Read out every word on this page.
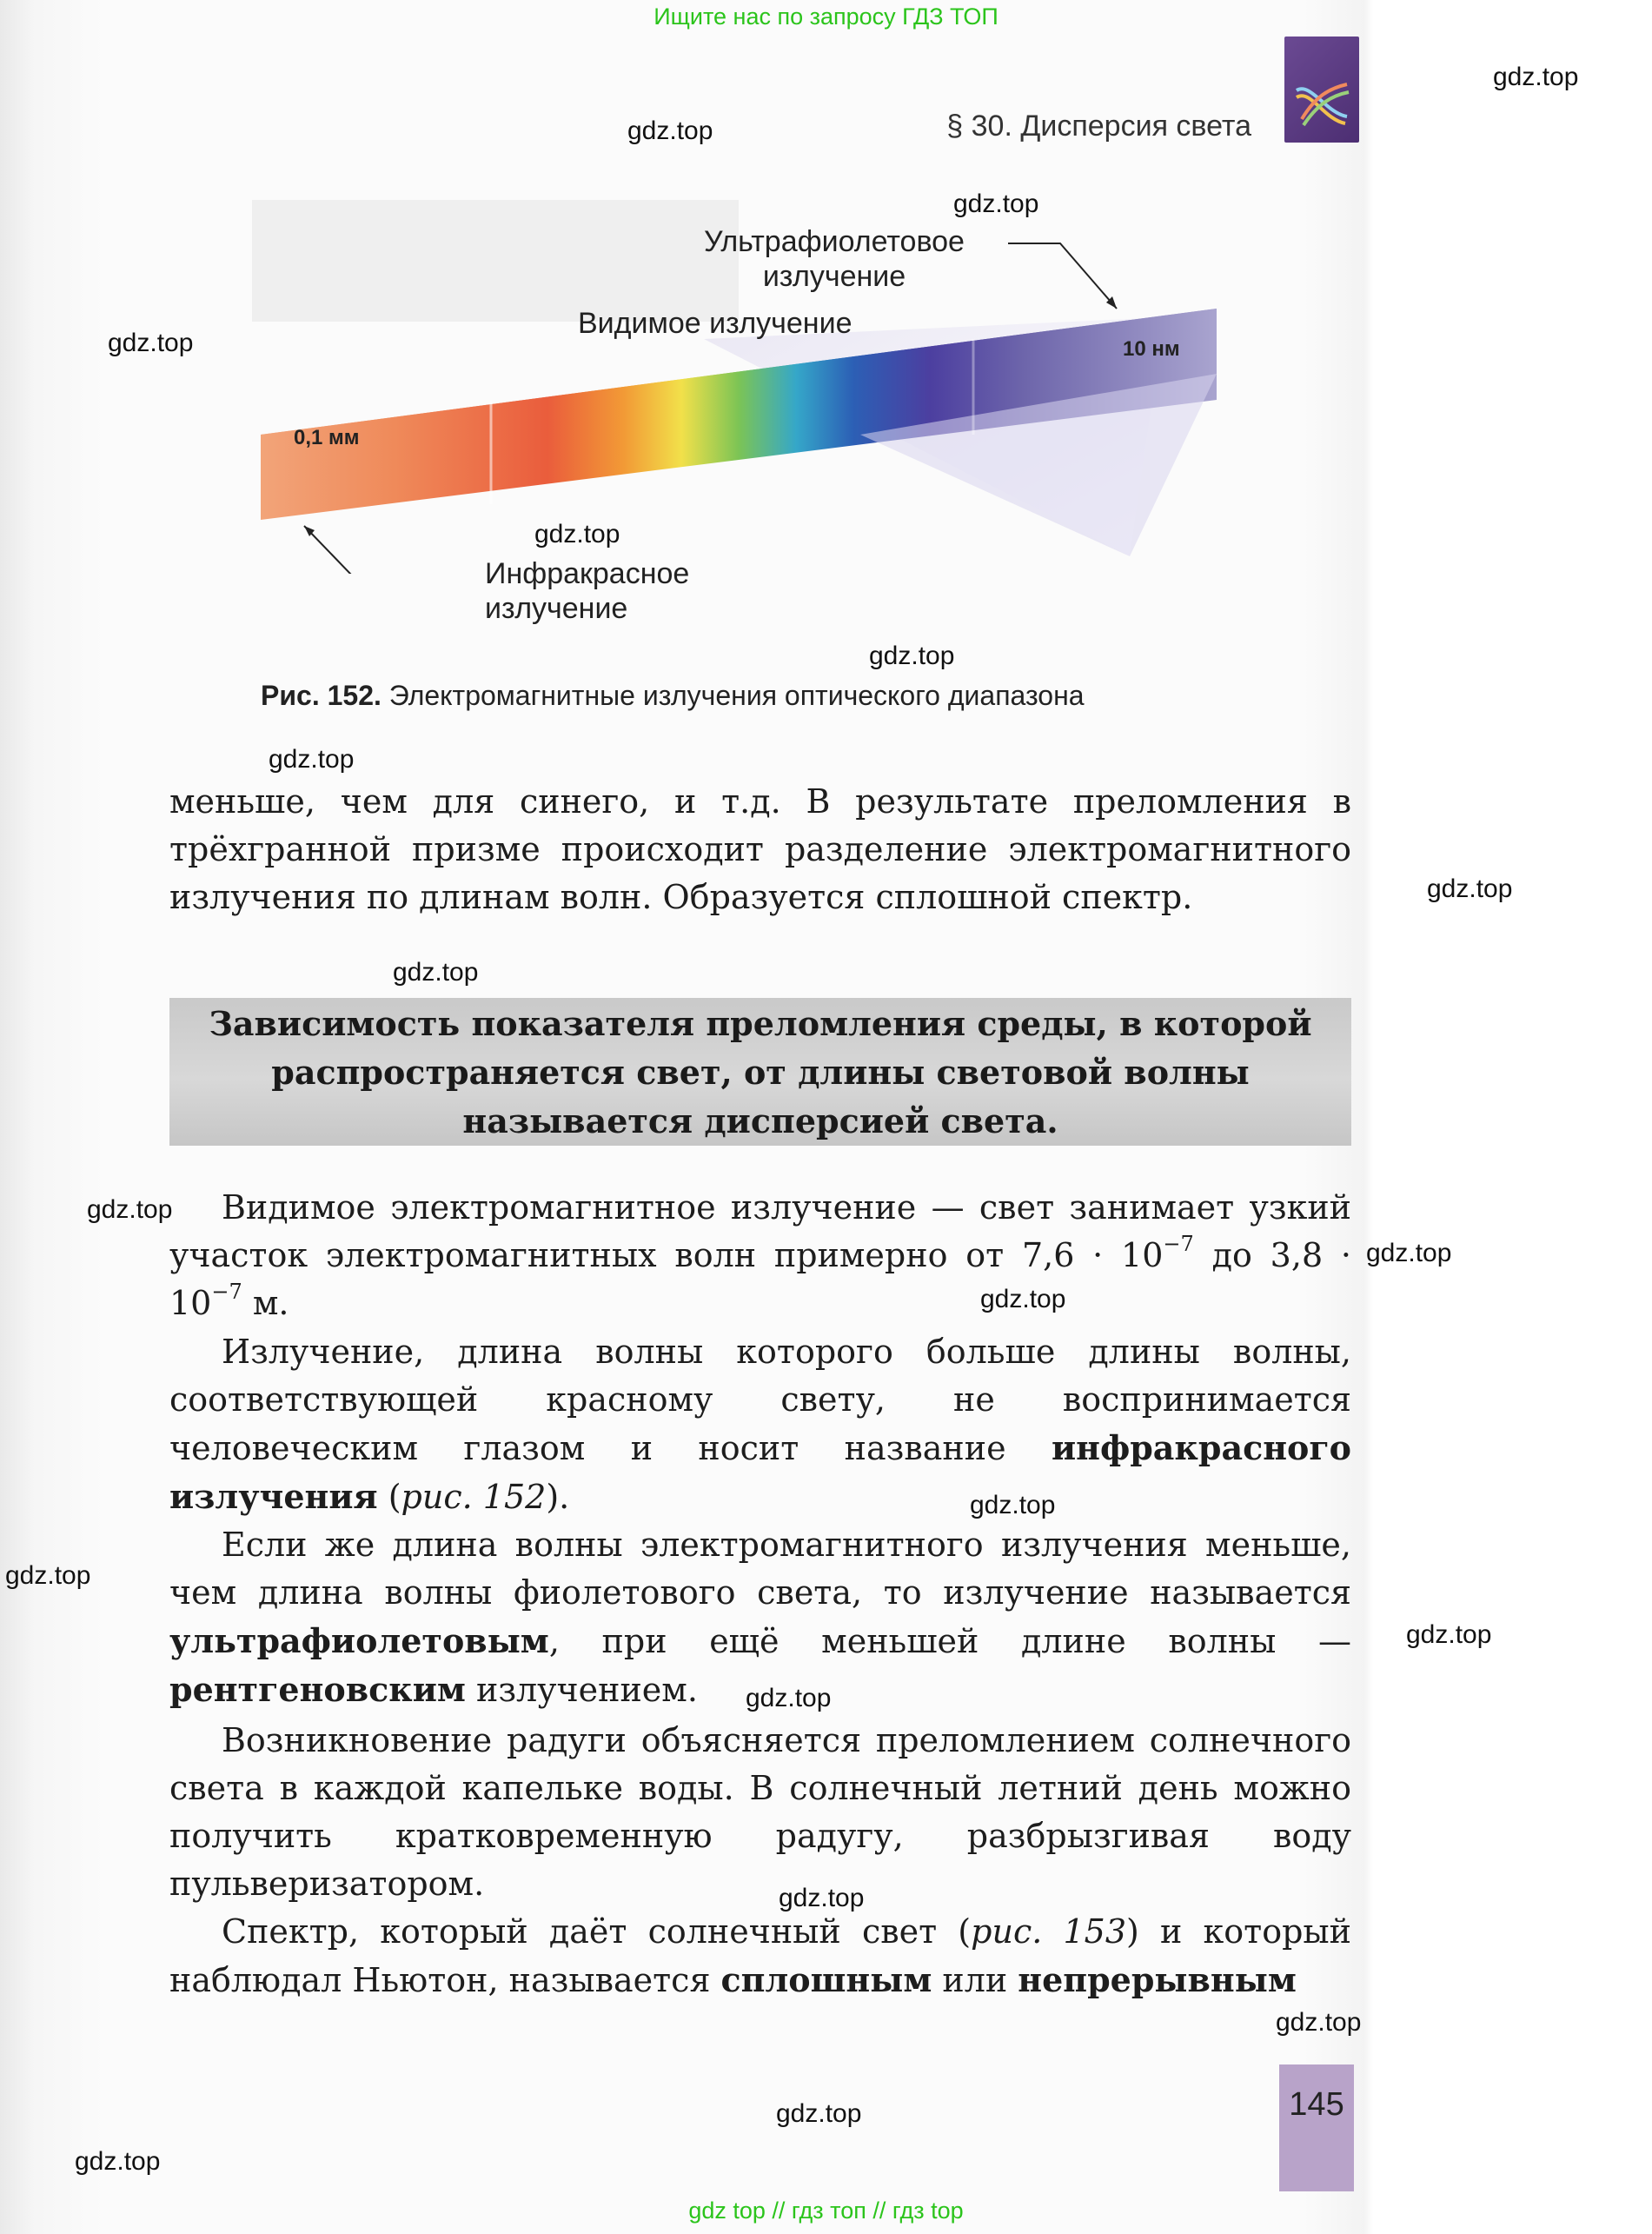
Ищите нас по запросу ГДЗ ТОП
§ 30. Дисперсия света
Ультрафиолетовое
излучение
Видимое излучение
Инфракрасное
излучение
10 нм
0,1 мм
Рис. 152. Электромагнитные излучения оптического диапазона
меньше, чем для синего, и т.д. В результате преломления в трёхгранной призме происходит разделение электромагнитного излучения по длинам волн. Образуется сплошной спектр.
Зависимость показателя преломления среды, в которой распространяется свет, от длины световой волны называется дисперсией света.
Видимое электромагнитное излучение — свет занимает узкий участок электромагнитных волн примерно от $7,6 \cdot 10^{-7}$ до $3,8 \cdot 10^{-7}$ м.
Излучение, длина волны которого больше длины волны, соответствующей красному свету, не воспринимается человеческим глазом и носит название инфракрасного излучения (рис. 152).
Если же длина волны электромагнитного излучения меньше, чем длина волны фиолетового света, то излучение называется ультрафиолетовым, при ещё меньшей длине волны — рентгеновским излучением.
Возникновение радуги объясняется преломлением солнечного света в каждой капельке воды. В солнечный летний день можно получить кратковременную радугу, разбрызгивая воду пульверизатором.
Спектр, который даёт солнечный свет (рис. 153) и который наблюдал Ньютон, называется сплошным или непрерывным
145
gdz.top
gdz.top
gdz.top
gdz.top
gdz.top
gdz.top
gdz.top
gdz.top
gdz.top
gdz.top
gdz.top
gdz.top
gdz.top
gdz.top
gdz.top
gdz.top
gdz.top
gdz.top
gdz.top
gdz.top
gdz top // гдз топ // гдз top
